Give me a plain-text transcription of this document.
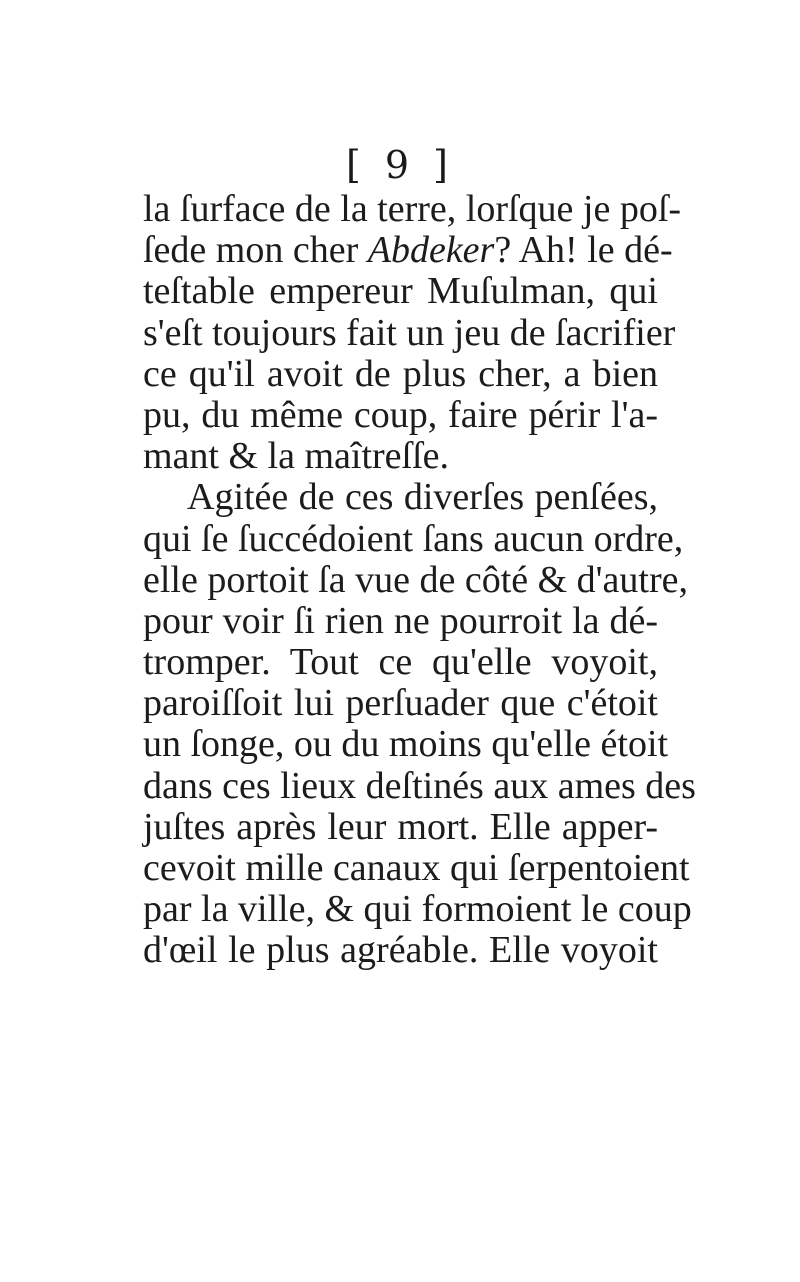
[ 9 ]
la ſurface de la terre, lorſque je poſ-
ſede mon cher Abdeker? Ah! le dé-
teſtable empereur Muſulman, qui
s'eſt toujours fait un jeu de ſacrifier
ce qu'il avoit de plus cher, a bien
pu, du même coup, faire périr l'a-
mant & la maîtreſſe.
Agitée de ces diverſes penſées,
qui ſe ſuccédoient ſans aucun ordre,
elle portoit ſa vue de côté & d'autre,
pour voir ſi rien ne pourroit la dé-
tromper. Tout ce qu'elle voyoit,
paroiſſoit lui perſuader que c'étoit
un ſonge, ou du moins qu'elle étoit
dans ces lieux deſtinés aux ames des
juſtes après leur mort. Elle apper-
cevoit mille canaux qui ſerpentoient
par la ville, & qui formoient le coup
d'œil le plus agréable. Elle voyoit
